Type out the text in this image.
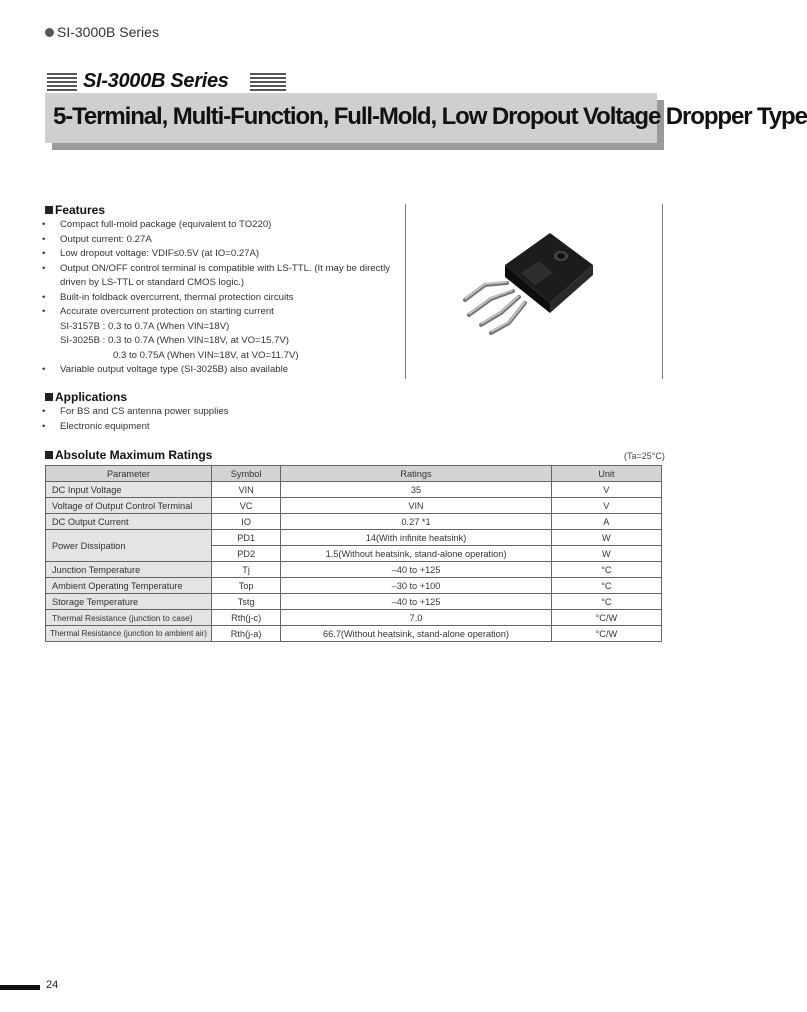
SI-3000B Series
SI-3000B Series
5-Terminal, Multi-Function, Full-Mold, Low Dropout Voltage Dropper Type
Features
• Compact full-mold package (equivalent to TO220)
• Output current: 0.27A
• Low dropout voltage: VDIF≤0.5V (at IO=0.27A)
• Output ON/OFF control terminal is compatible with LS-TTL. (It may be directly
driven by LS-TTL or standard CMOS logic.)
• Built-in foldback overcurrent, thermal protection circuits
• Accurate overcurrent protection on starting current
SI-3157B : 0.3 to 0.7A (When VIN=18V)
SI-3025B : 0.3 to 0.7A (When VIN=18V, at VO=15.7V)
0.3 to 0.75A (When VIN=18V, at VO=11.7V)
• Variable output voltage type (SI-3025B) also available
Applications
• For BS and CS antenna power supplies
• Electronic equipment
Absolute Maximum Ratings	(Ta=25°C)
Parameter	Symbol	Ratings	Unit
DC Input Voltage	VIN	35	V
Voltage of Output Control Terminal	VC	VIN	V
DC Output Current	IO	0.27 *1	A
Power Dissipation	PD1	14(With infinite heatsink)	W
	PD2	1.5(Without heatsink, stand-alone operation)	W
Junction Temperature	Tj	–40 to +125	°C
Ambient Operating Temperature	Top	–30 to +100	°C
Storage Temperature	Tstg	–40 to +125	°C
Thermal Resistance (junction to case)	Rth(j-c)	7.0	°C/W
Thermal Resistance (junction to ambient air)	Rth(j-a)	66.7(Without heatsink, stand-alone operation)	°C/W
24
